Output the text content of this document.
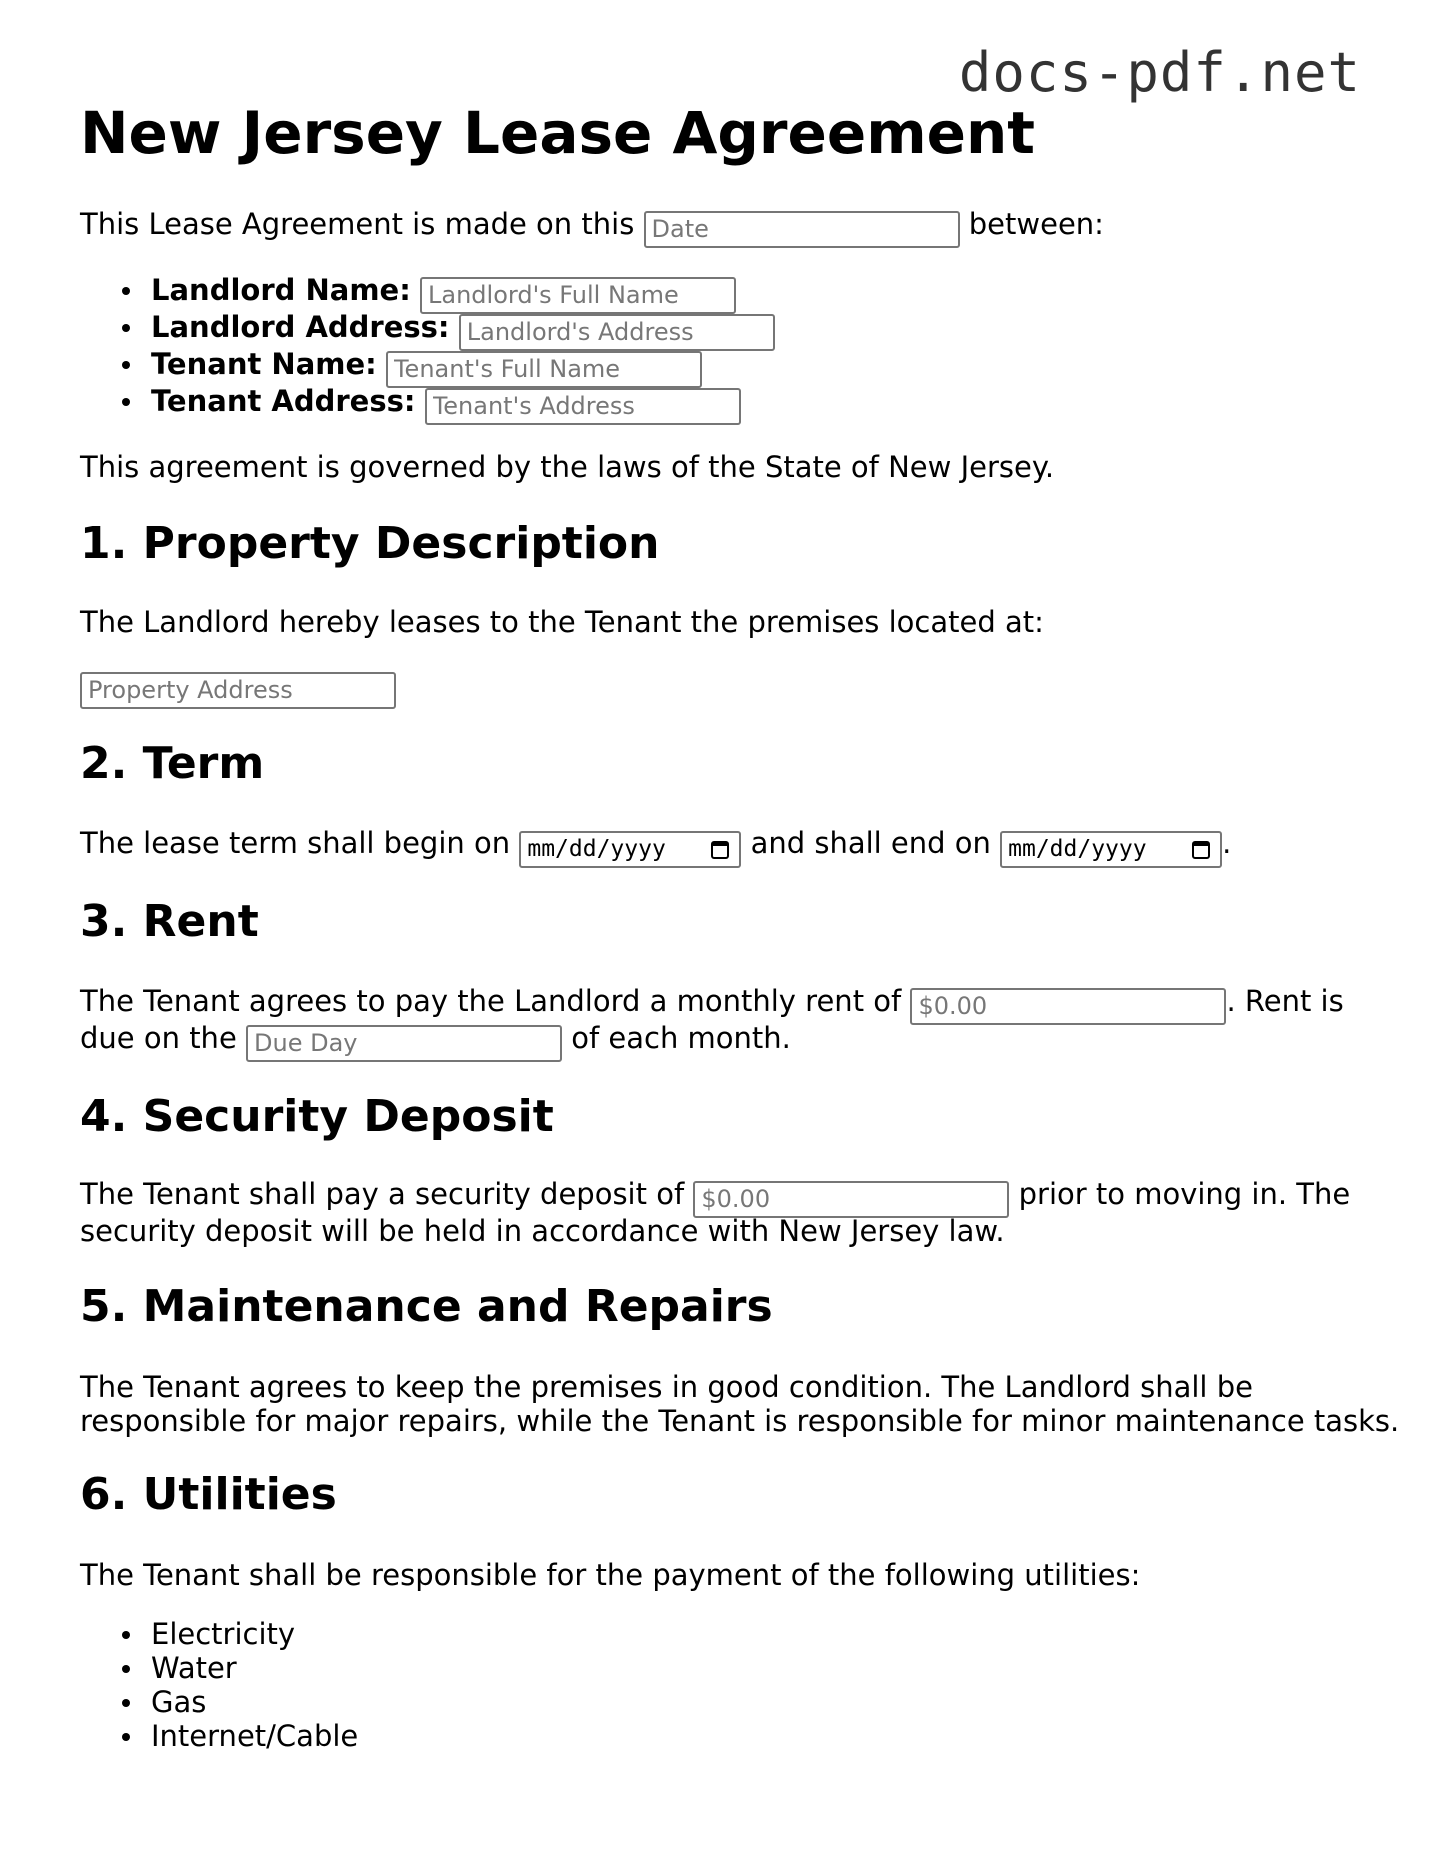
docs-pdf.net
New Jersey Lease Agreement

This Lease Agreement is made on this Date	between:

Landlord Name: Landlord's Full Name
Landlord Address: Landlord's Address
Tenant Name: Tenant's Full Name
Tenant Address: Tenant's Address

This agreement is governed by the laws of the State of New Jersey.

1. Property Description

The Landlord hereby leases to the Tenant the premises located at:

Property Address
2. Term

The lease term shall begin on mm/dd/yyyy	and shall end on mm/dd/yyyy	.

3. Rent

The Tenant agrees to pay the Landlord a monthly rent of $0.00	. Rent is

due on the Due Day	of each month.

4. Security Deposit

The Tenant shall pay a security deposit of $0.00	prior to moving in. The

security deposit will be held in accordance with New Jersey law.

5. Maintenance and Repairs

The Tenant agrees to keep the premises in good condition. The Landlord shall be

responsible for major repairs, while the Tenant is responsible for minor maintenance tasks.

6. Utilities

The Tenant shall be responsible for the payment of the following utilities:

Electricity
Water
Gas
Internet/Cable
